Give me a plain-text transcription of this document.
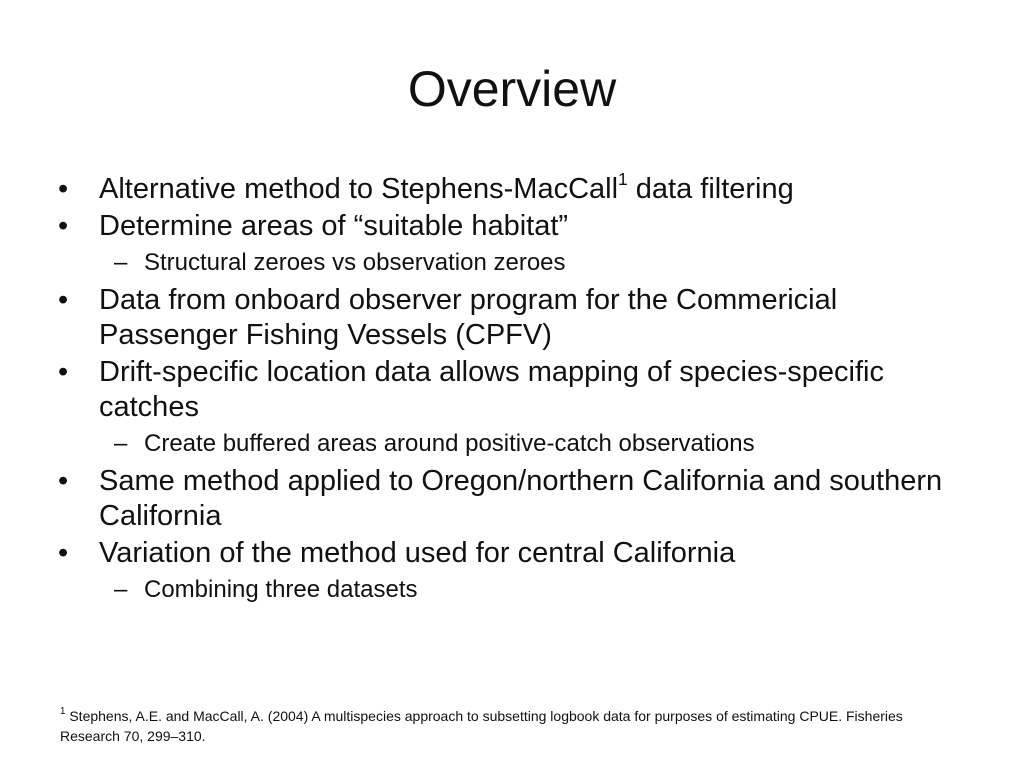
Overview
•	Alternative method to Stephens-MacCall$^1$ data filtering
•	Determine areas of “suitable habitat”
– Structural zeroes vs observation zeroes
•	Data from onboard observer program for the Commericial Passenger Fishing Vessels (CPFV)
•	Drift-specific location data allows mapping of species-specific catches
– Create buffered areas around positive-catch observations
•	Same method applied to Oregon/northern California and southern California
•	Variation of the method used for central California
– Combining three datasets
$^1$ Stephens, A.E. and MacCall, A. (2004) A multispecies approach to subsetting logbook data for purposes of estimating CPUE. Fisheries Research 70, 299–310.
